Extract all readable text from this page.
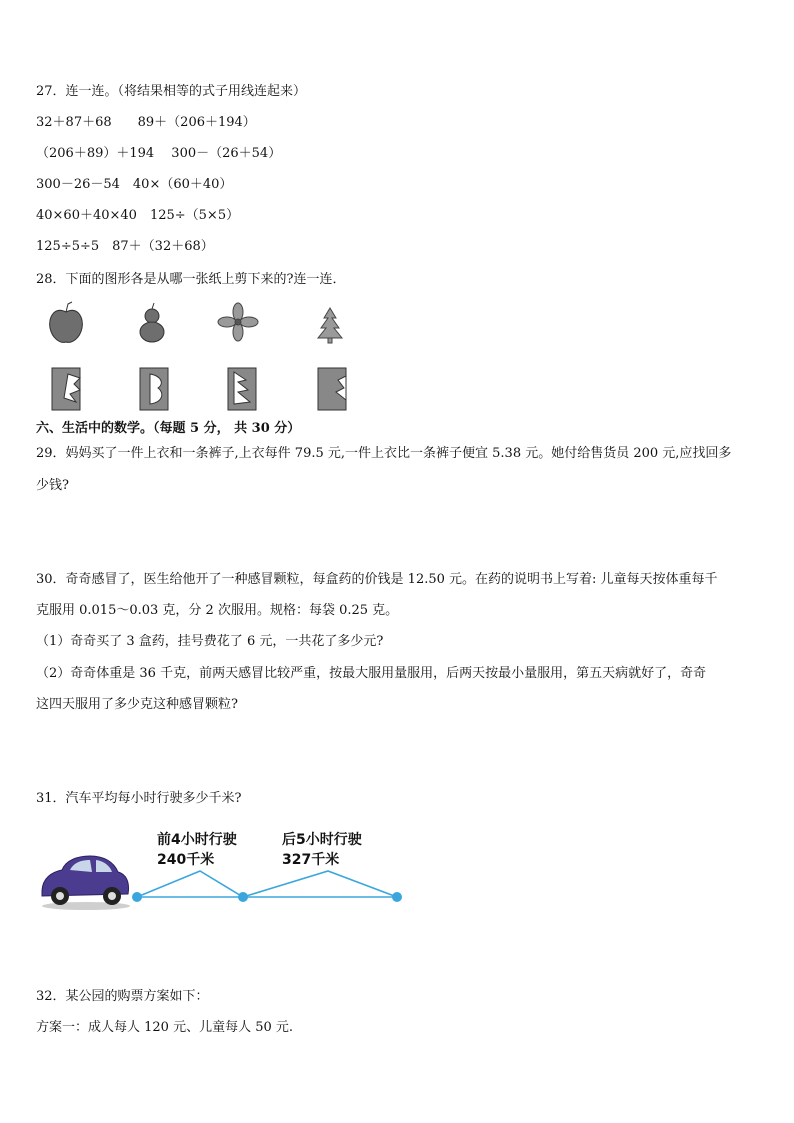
27．连一连。（将结果相等的式子用线连起来）
32＋87＋68　　89＋（206＋194）
（206＋89）＋194　 300－（26＋54）
300－26－54　40×（60＋40）
40×60＋40×40　125÷（5×5）
125÷5÷5　87＋（32＋68）
28．下面的图形各是从哪一张纸上剪下来的?连一连．
六、生活中的数学。（每题 5 分， 共 30 分）
29．妈妈买了一件上衣和一条裤子,上衣每件 79.5 元,一件上衣比一条裤子便宜 5.38 元。她付给售货员 200 元,应找回多
少钱?
30．奇奇感冒了，医生给他开了一种感冒颗粒，每盒药的价钱是 12.50 元。在药的说明书上写着: 儿童每天按体重每千
克服用 0.015～0.03 克，分 2 次服用。规格：每袋 0.25 克。
（1）奇奇买了 3 盒药，挂号费花了 6 元，一共花了多少元?
（2）奇奇体重是 36 千克，前两天感冒比较严重，按最大服用量服用，后两天按最小量服用，第五天病就好了，奇奇
这四天服用了多少克这种感冒颗粒?
31．汽车平均每小时行驶多少千米?
前4小时行驶
240千米
后5小时行驶
327千米
32．某公园的购票方案如下：
方案一：成人每人 120 元、儿童每人 50 元.
